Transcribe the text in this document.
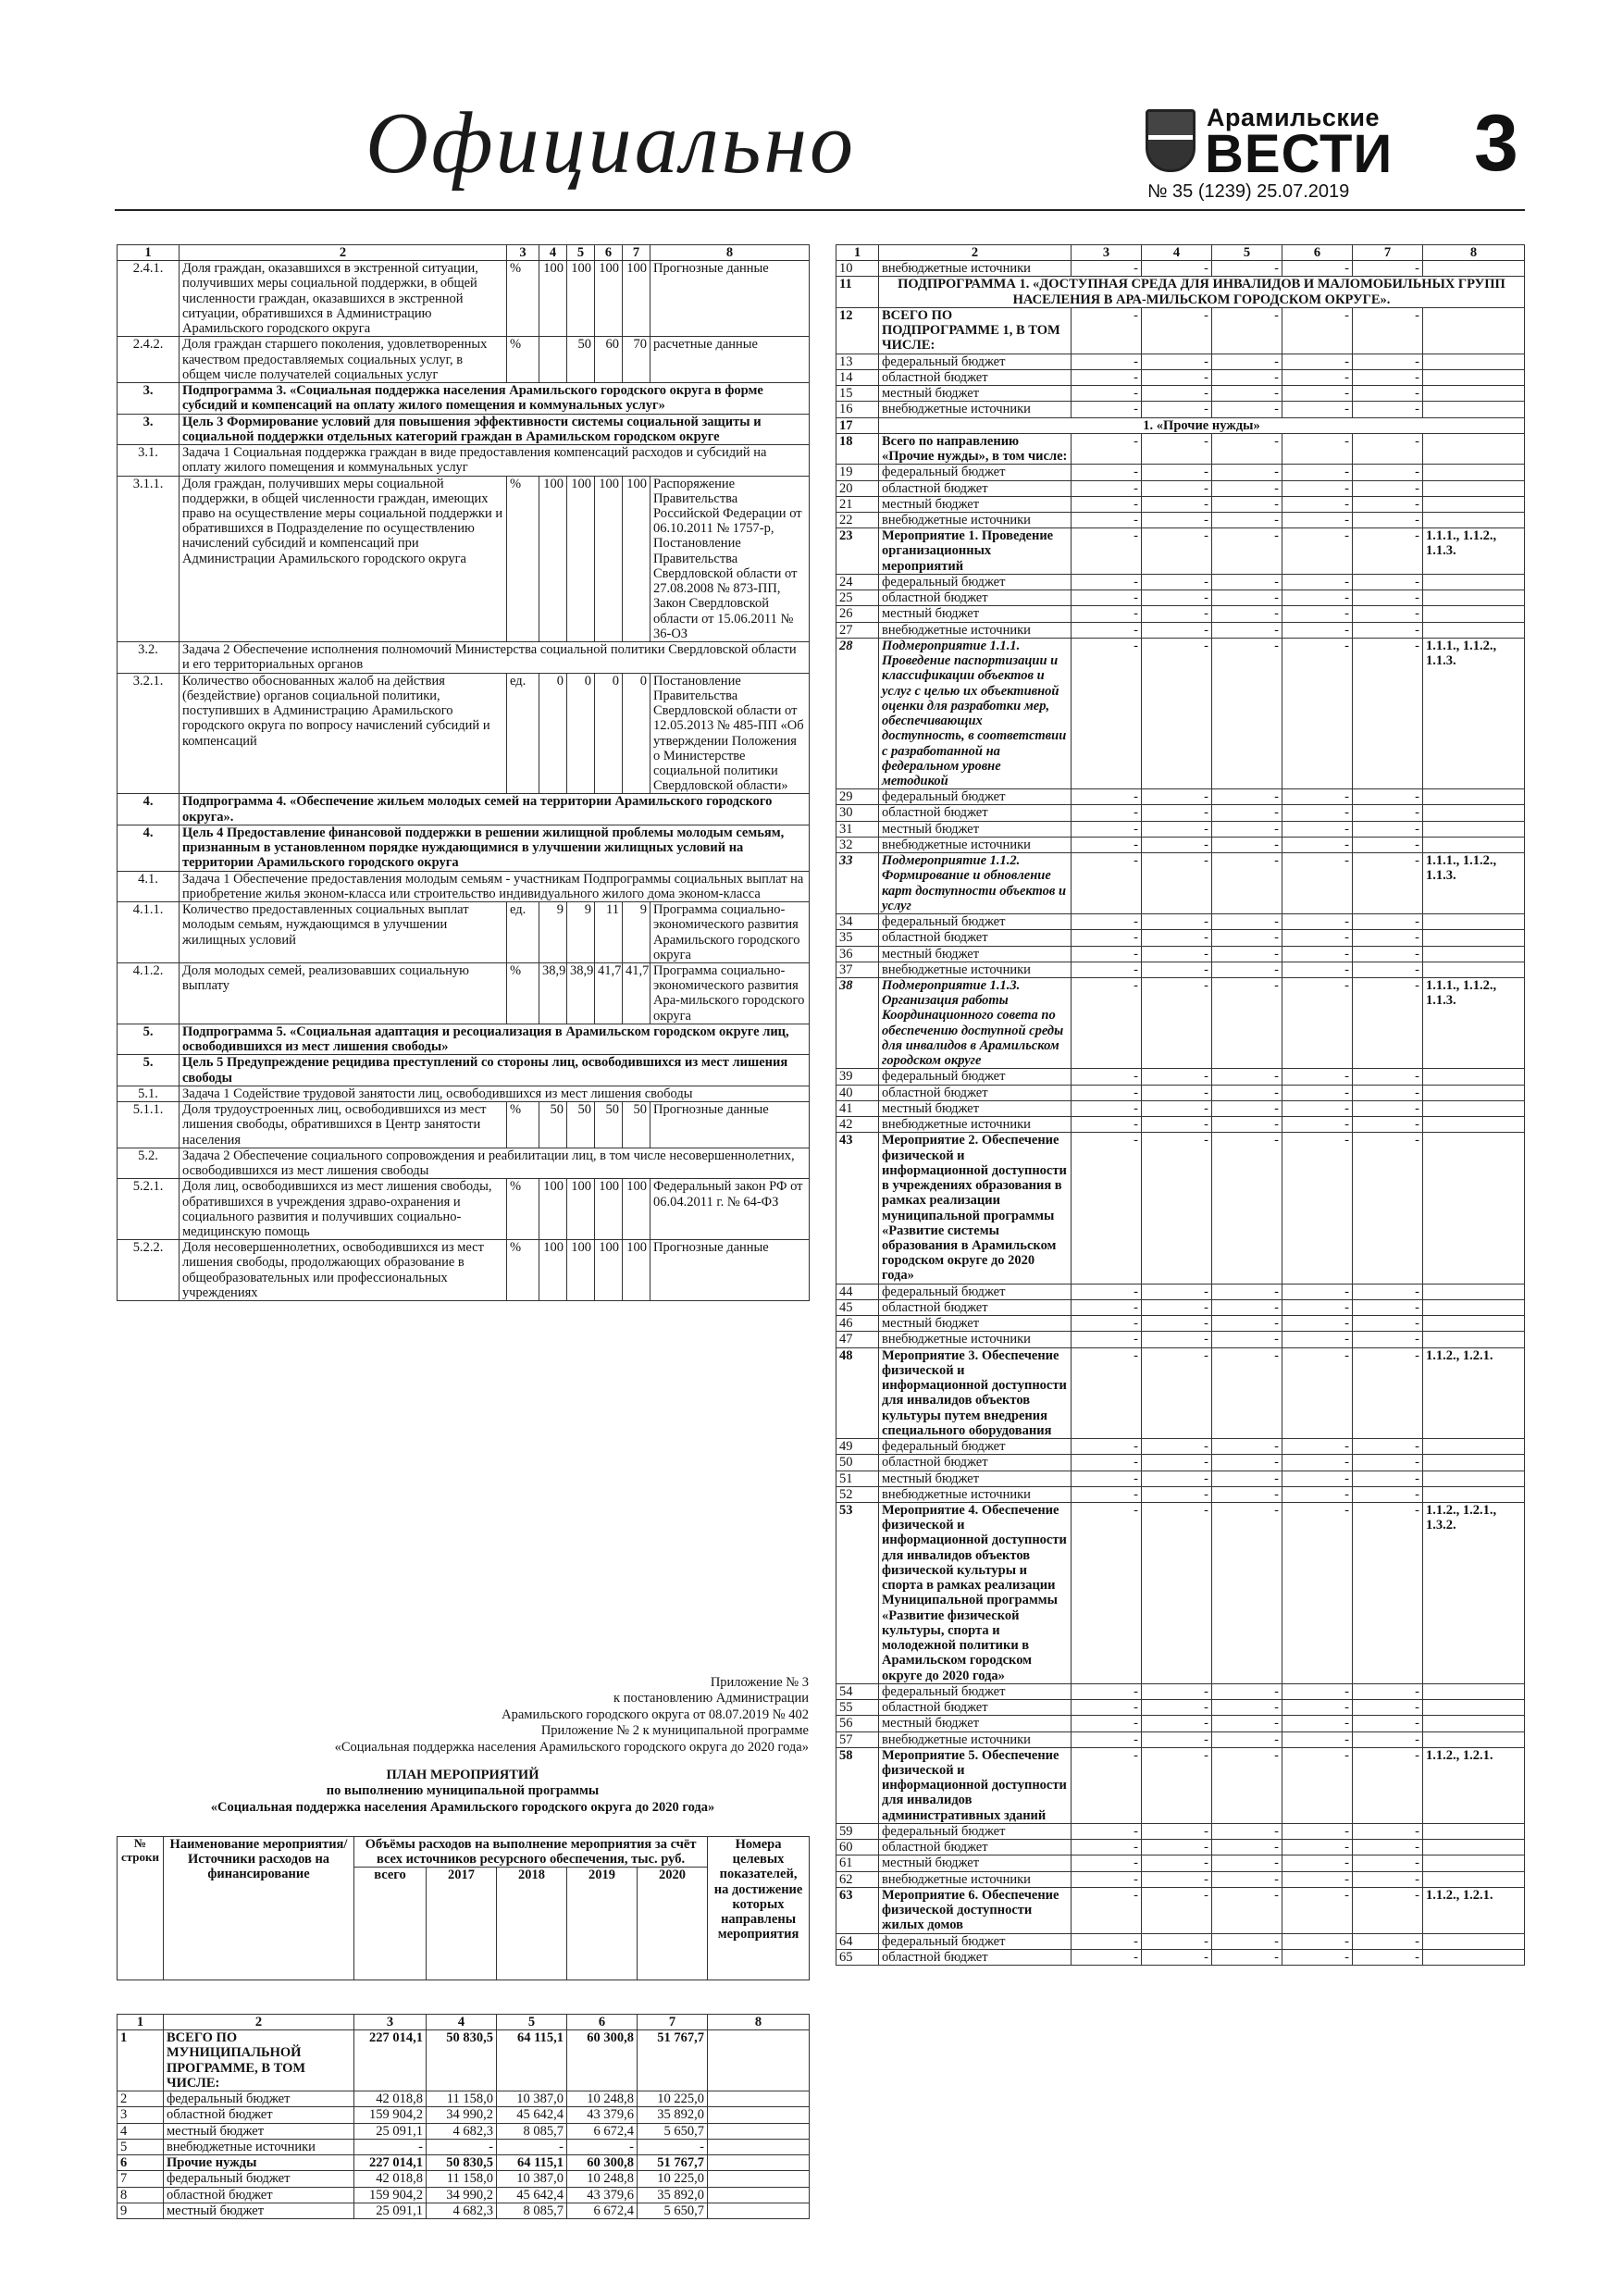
Официально	Арамильские
ВЕСТИ
№ 35 (1239) 25.07.2019
3
1	2	3	4	5	6	7	8
2.4.1.	Доля граждан, оказавшихся в экстренной ситуации, получивших меры социальной поддержки, в общей численности граждан, оказавшихся в экстренной ситуации, обратившихся в Администрацию Арамильского городского округа	%	100	100	100	100	Прогнозные данные
2.4.2.	Доля граждан старшего поколения, удовлетворенных качеством предоставляемых социальных услуг, в общем числе получателей социальных услуг	%		50	60	70	расчетные данные
3.	Подпрограмма 3. «Социальная поддержка населения Арамильского городского округа в форме субсидий и компенсаций на оплату жилого помещения и коммунальных услуг»						
3.	Цель 3 Формирование условий для повышения эффективности системы социальной защиты и социальной поддержки отдельных категорий граждан в Арамильском городском округе						
3.1.	Задача 1 Социальная поддержка граждан в виде предоставления компенсаций расходов и субсидий на оплату жилого помещения и коммунальных услуг						
3.1.1.	Доля граждан, получивших меры социальной поддержки, в общей численности граждан, имеющих право на осуществление меры социальной поддержки и обратившихся в Подразделение по осуществлению начислений субсидий и компенсаций при Администрации Арамильского городского округа	%	100	100	100	100	Распоряжение Правительства Российской Федерации от 06.10.2011 № 1757-р, Постановление Правительства Свердловской области от 27.08.2008 № 873-ПП, Закон Свердловской области от 15.06.2011 № 36-ОЗ
3.2.	Задача 2 Обеспечение исполнения полномочий Министерства социальной политики Свердловской области и его территориальных органов						
3.2.1.	Количество обоснованных жалоб на действия (бездействие) органов социальной политики, поступивших в Администрацию Арамильского городского округа по вопросу начислений субсидий и компенсаций	ед.	0	0	0	0	Постановление Правительства Свердловской области от 12.05.2013 № 485-ПП «Об утверждении Положения о Министерстве социальной политики Свердловской области»
4.	Подпрограмма 4. «Обеспечение жильем молодых семей на территории Арамильского городского округа».						
4.	Цель 4 Предоставление финансовой поддержки в решении жилищной проблемы молодым семьям, признанным в установленном порядке нуждающимися в улучшении жилищных условий на территории Арамильского городского округа						
4.1.	Задача 1 Обеспечение предоставления молодым семьям - участникам Подпрограммы социальных выплат на приобретение жилья эконом-класса или строительство индивидуального жилого дома эконом-класса						
4.1.1.	Количество предоставленных социальных выплат молодым семьям, нуждающимся в улучшении жилищных условий	ед.	9	9	11	9	Программа социально-экономического развития Арамильского городского округа
4.1.2.	Доля молодых семей, реализовавших социальную выплату	%	38,9	38,9	41,7	41,7	Программа социально-экономического развития Ара-мильского городского округа
5.	Подпрограмма 5. «Социальная адаптация и ресоциализация в Арамильском городском округе лиц, освободившихся из мест лишения свободы»						
5.	Цель 5 Предупреждение рецидива преступлений со стороны лиц, освободившихся из мест лишения свободы						
5.1.	Задача 1 Содействие трудовой занятости лиц, освободившихся из мест лишения свободы						
5.1.1.	Доля трудоустроенных лиц, освободившихся из мест лишения свободы, обратившихся в Центр занятости населения	%	50	50	50	50	Прогнозные данные
5.2.	Задача 2 Обеспечение социального сопровождения и реабилитации лиц, в том числе несовершеннолетних, освободившихся из мест лишения свободы						
5.2.1.	Доля лиц, освободившихся из мест лишения свободы, обратившихся в учреждения здраво-охранения и социального развития и получивших социально-медицинскую помощь	%	100	100	100	100	Федеральный закон РФ от 06.04.2011 г. № 64-ФЗ
5.2.2.	Доля несовершеннолетних, освободившихся из мест лишения свободы, продолжающих образование в общеобразовательных или профессиональных учреждениях	%	100	100	100	100	Прогнозные данные
Приложение № 3
к постановлению Администрации
Арамильского городского округа от 08.07.2019 № 402
Приложение № 2 к муниципальной программе
«Социальная поддержка населения Арамильского городского округа до 2020 года»
ПЛАН МЕРОПРИЯТИЙ
по выполнению муниципальной программы
«Социальная поддержка населения Арамильского городского округа до 2020 года»
№ строки	Наименование мероприятия/ Источники расходов на финансирование	Объёмы расходов на выполнение мероприятия за счёт всех источников ресурсного обеспечения, тыс. руб.					Номера целевых показателей, на достижение которых направлены мероприятия
		всего	2017	2018	2019	2020	
1	2	3	4	5	6	7	8
1	ВСЕГО ПО МУНИЦИПАЛЬНОЙ ПРОГРАММЕ, В ТОМ ЧИСЛЕ:	227 014,1	50 830,5	64 115,1	60 300,8	51 767,7	
2	федеральный бюджет	42 018,8	11 158,0	10 387,0	10 248,8	10 225,0	
3	областной бюджет	159 904,2	34 990,2	45 642,4	43 379,6	35 892,0	
4	местный бюджет	25 091,1	4 682,3	8 085,7	6 672,4	5 650,7	
5	внебюджетные источники	-	-	-	-	-	
6	Прочие нужды	227 014,1	50 830,5	64 115,1	60 300,8	51 767,7	
7	федеральный бюджет	42 018,8	11 158,0	10 387,0	10 248,8	10 225,0	
8	областной бюджет	159 904,2	34 990,2	45 642,4	43 379,6	35 892,0	
9	местный бюджет	25 091,1	4 682,3	8 085,7	6 672,4	5 650,7	
1	2	3	4	5	6	7	8
10	внебюджетные источники	-	-	-	-	-	
11	ПОДПРОГРАММА 1. «ДОСТУПНАЯ СРЕДА ДЛЯ ИНВАЛИДОВ И МАЛОМОБИЛЬНЫХ ГРУПП НАСЕЛЕНИЯ В АРА-МИЛЬСКОМ ГОРОДСКОМ ОКРУГЕ».						
12	ВСЕГО ПО ПОДПРОГРАММЕ 1, В ТОМ ЧИСЛЕ:	-	-	-	-	-	
13	федеральный бюджет	-	-	-	-	-	
14	областной бюджет	-	-	-	-	-	
15	местный бюджет	-	-	-	-	-	
16	внебюджетные источники	-	-	-	-	-	
17	1. «Прочие нужды»						
18	Всего по направлению «Прочие нужды», в том числе:	-	-	-	-	-	
19	федеральный бюджет	-	-	-	-	-	
20	областной бюджет	-	-	-	-	-	
21	местный бюджет	-	-	-	-	-	
22	внебюджетные источники	-	-	-	-	-	
23	Мероприятие 1. Проведение организационных мероприятий	-	-	-	-	-	1.1.1., 1.1.2., 1.1.3.
24	федеральный бюджет	-	-	-	-	-	
25	областной бюджет	-	-	-	-	-	
26	местный бюджет	-	-	-	-	-	
27	внебюджетные источники	-	-	-	-	-	
28	Подмероприятие 1.1.1. Проведение паспортизации и классификации объектов и услуг с целью их объективной оценки для разработки мер, обеспечивающих доступность, в соответствии с разработанной на федеральном уровне методикой	-	-	-	-	-	1.1.1., 1.1.2., 1.1.3.
29	федеральный бюджет	-	-	-	-	-	
30	областной бюджет	-	-	-	-	-	
31	местный бюджет	-	-	-	-	-	
32	внебюджетные источники	-	-	-	-	-	
33	Подмероприятие 1.1.2. Формирование и обновление карт доступности объектов и услуг	-	-	-	-	-	1.1.1., 1.1.2., 1.1.3.
34	федеральный бюджет	-	-	-	-	-	
35	областной бюджет	-	-	-	-	-	
36	местный бюджет	-	-	-	-	-	
37	внебюджетные источники	-	-	-	-	-	
38	Подмероприятие 1.1.3. Организация работы Координационного совета по обеспечению доступной среды для инвалидов в Арамильском городском округе	-	-	-	-	-	1.1.1., 1.1.2., 1.1.3.
39	федеральный бюджет	-	-	-	-	-	
40	областной бюджет	-	-	-	-	-	
41	местный бюджет	-	-	-	-	-	
42	внебюджетные источники	-	-	-	-	-	
43	Мероприятие 2. Обеспечение физической и информационной доступности в учреждениях образования в рамках реализации муниципальной программы «Развитие системы образования в Арамильском городском округе до 2020 года»	-	-	-	-	-	
44	федеральный бюджет	-	-	-	-	-	
45	областной бюджет	-	-	-	-	-	
46	местный бюджет	-	-	-	-	-	
47	внебюджетные источники	-	-	-	-	-	
48	Мероприятие 3. Обеспечение физической и информационной доступности для инвалидов объектов культуры путем внедрения специального оборудования	-	-	-	-	-	1.1.2., 1.2.1.
49	федеральный бюджет	-	-	-	-	-	
50	областной бюджет	-	-	-	-	-	
51	местный бюджет	-	-	-	-	-	
52	внебюджетные источники	-	-	-	-	-	
53	Мероприятие 4. Обеспечение физической и информационной доступности для инвалидов объектов физической культуры и спорта в рамках реализации Муниципальной программы «Развитие физической культуры, спорта и молодежной политики в Арамильском городском округе до 2020 года»	-	-	-	-	-	1.1.2., 1.2.1., 1.3.2.
54	федеральный бюджет	-	-	-	-	-	
55	областной бюджет	-	-	-	-	-	
56	местный бюджет	-	-	-	-	-	
57	внебюджетные источники	-	-	-	-	-	
58	Мероприятие 5. Обеспечение физической и информационной доступности для инвалидов административных зданий	-	-	-	-	-	1.1.2., 1.2.1.
59	федеральный бюджет	-	-	-	-	-	
60	областной бюджет	-	-	-	-	-	
61	местный бюджет	-	-	-	-	-	
62	внебюджетные источники	-	-	-	-	-	
63	Мероприятие 6. Обеспечение физической доступности жилых домов	-	-	-	-	-	1.1.2., 1.2.1.
64	федеральный бюджет	-	-	-	-	-	
65	областной бюджет	-	-	-	-	-	
